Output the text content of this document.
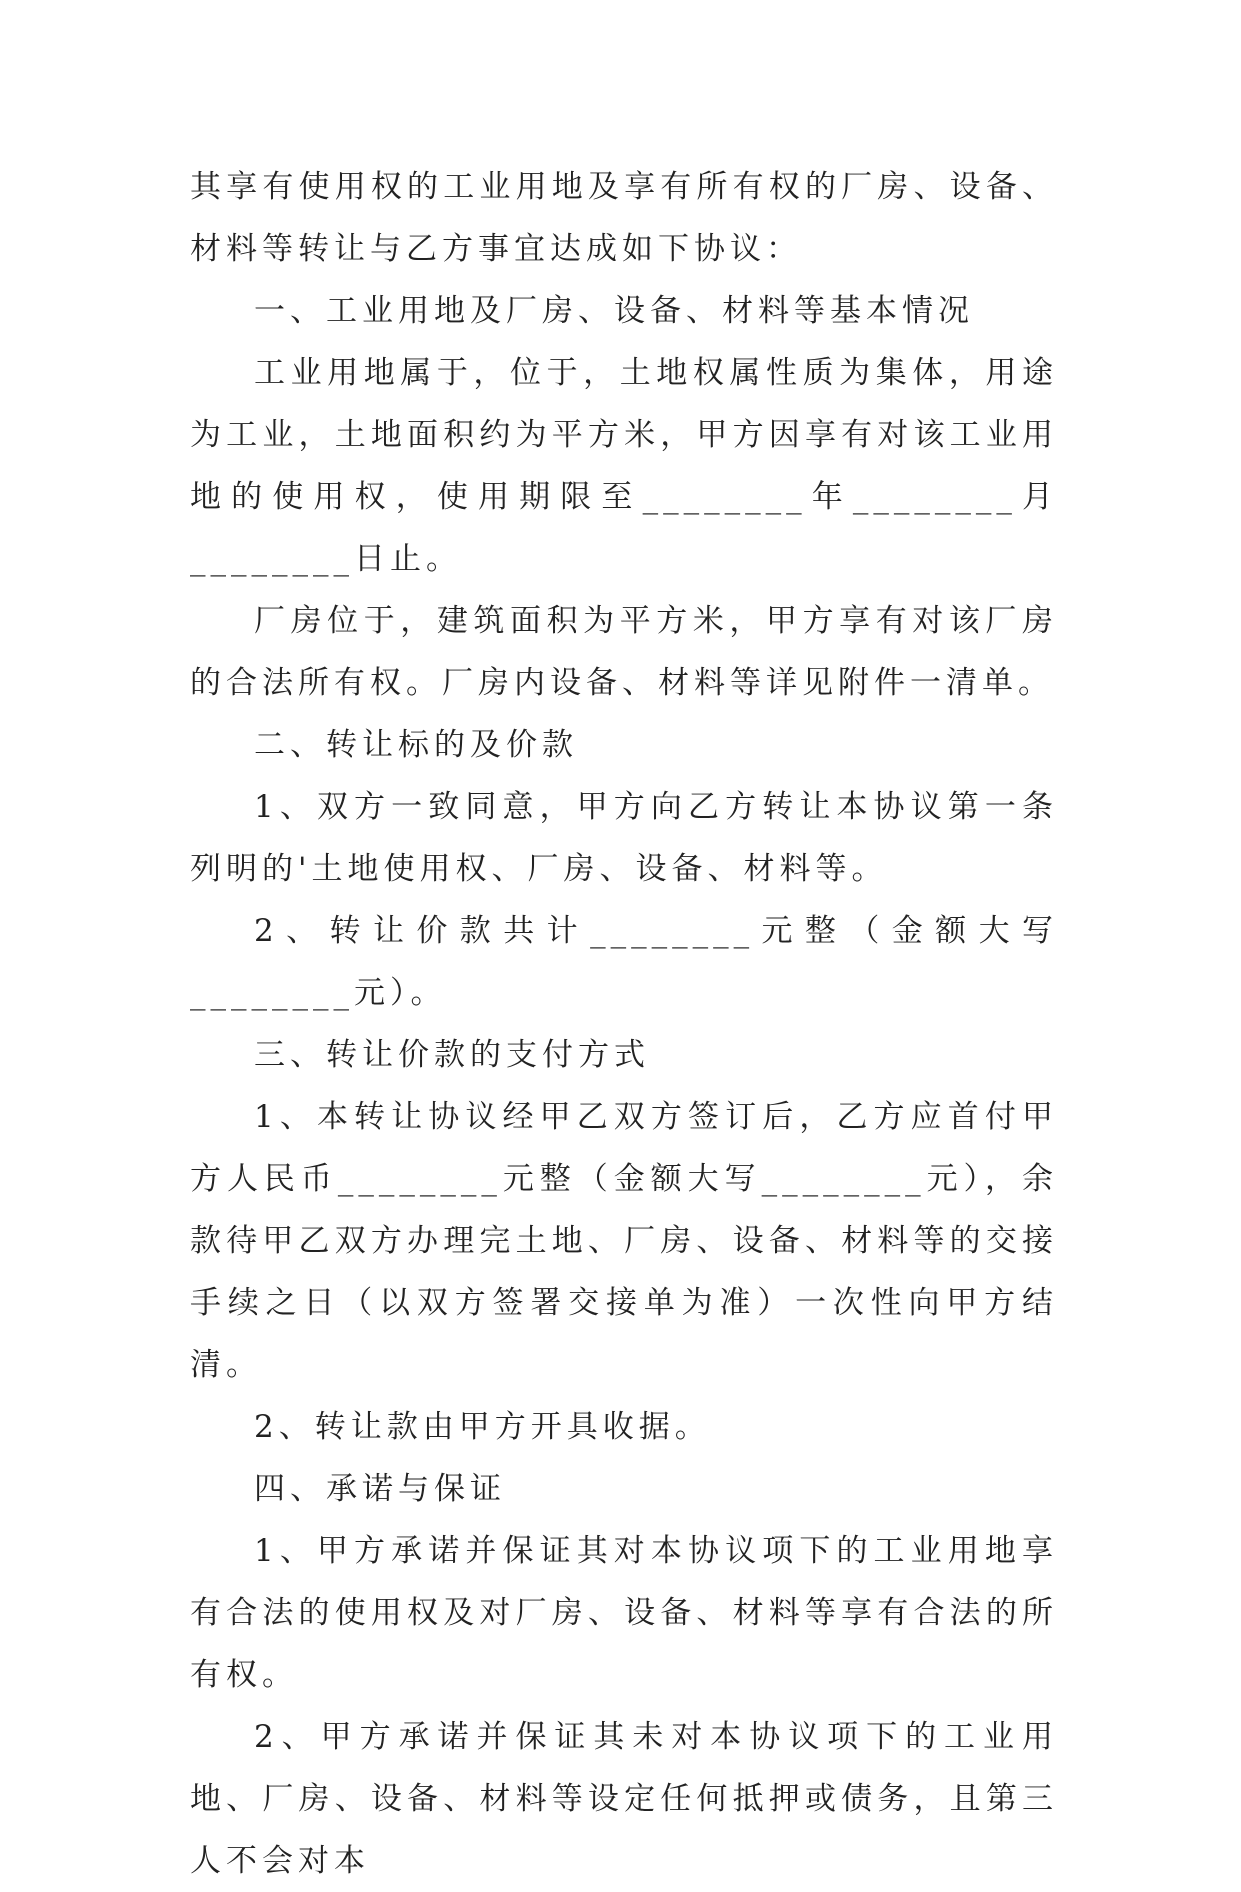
其享有使用权的工业用地及享有所有权的厂房、设备、材料等转让与乙方事宜达成如下协议：

一、工业用地及厂房、设备、材料等基本情况

工业用地属于，位于，土地权属性质为集体，用途为工业，土地面积约为平方米，甲方因享有对该工业用地的使用权，使用期限至________年________月________日止。

厂房位于，建筑面积为平方米，甲方享有对该厂房的合法所有权。厂房内设备、材料等详见附件一清单。

二、转让标的及价款

1、双方一致同意，甲方向乙方转让本协议第一条列明的'土地使用权、厂房、设备、材料等。

2、转让价款共计________元整（金额大写________元）。

三、转让价款的支付方式

1、本转让协议经甲乙双方签订后，乙方应首付甲方人民币________元整（金额大写________元），余款待甲乙双方办理完土地、厂房、设备、材料等的交接手续之日（以双方签署交接单为准）一次性向甲方结清。

2、转让款由甲方开具收据。

四、承诺与保证

1、甲方承诺并保证其对本协议项下的工业用地享有合法的使用权及对厂房、设备、材料等享有合法的所有权。

2、甲方承诺并保证其未对本协议项下的工业用地、厂房、设备、材料等设定任何抵押或债务，且第三人不会对本
